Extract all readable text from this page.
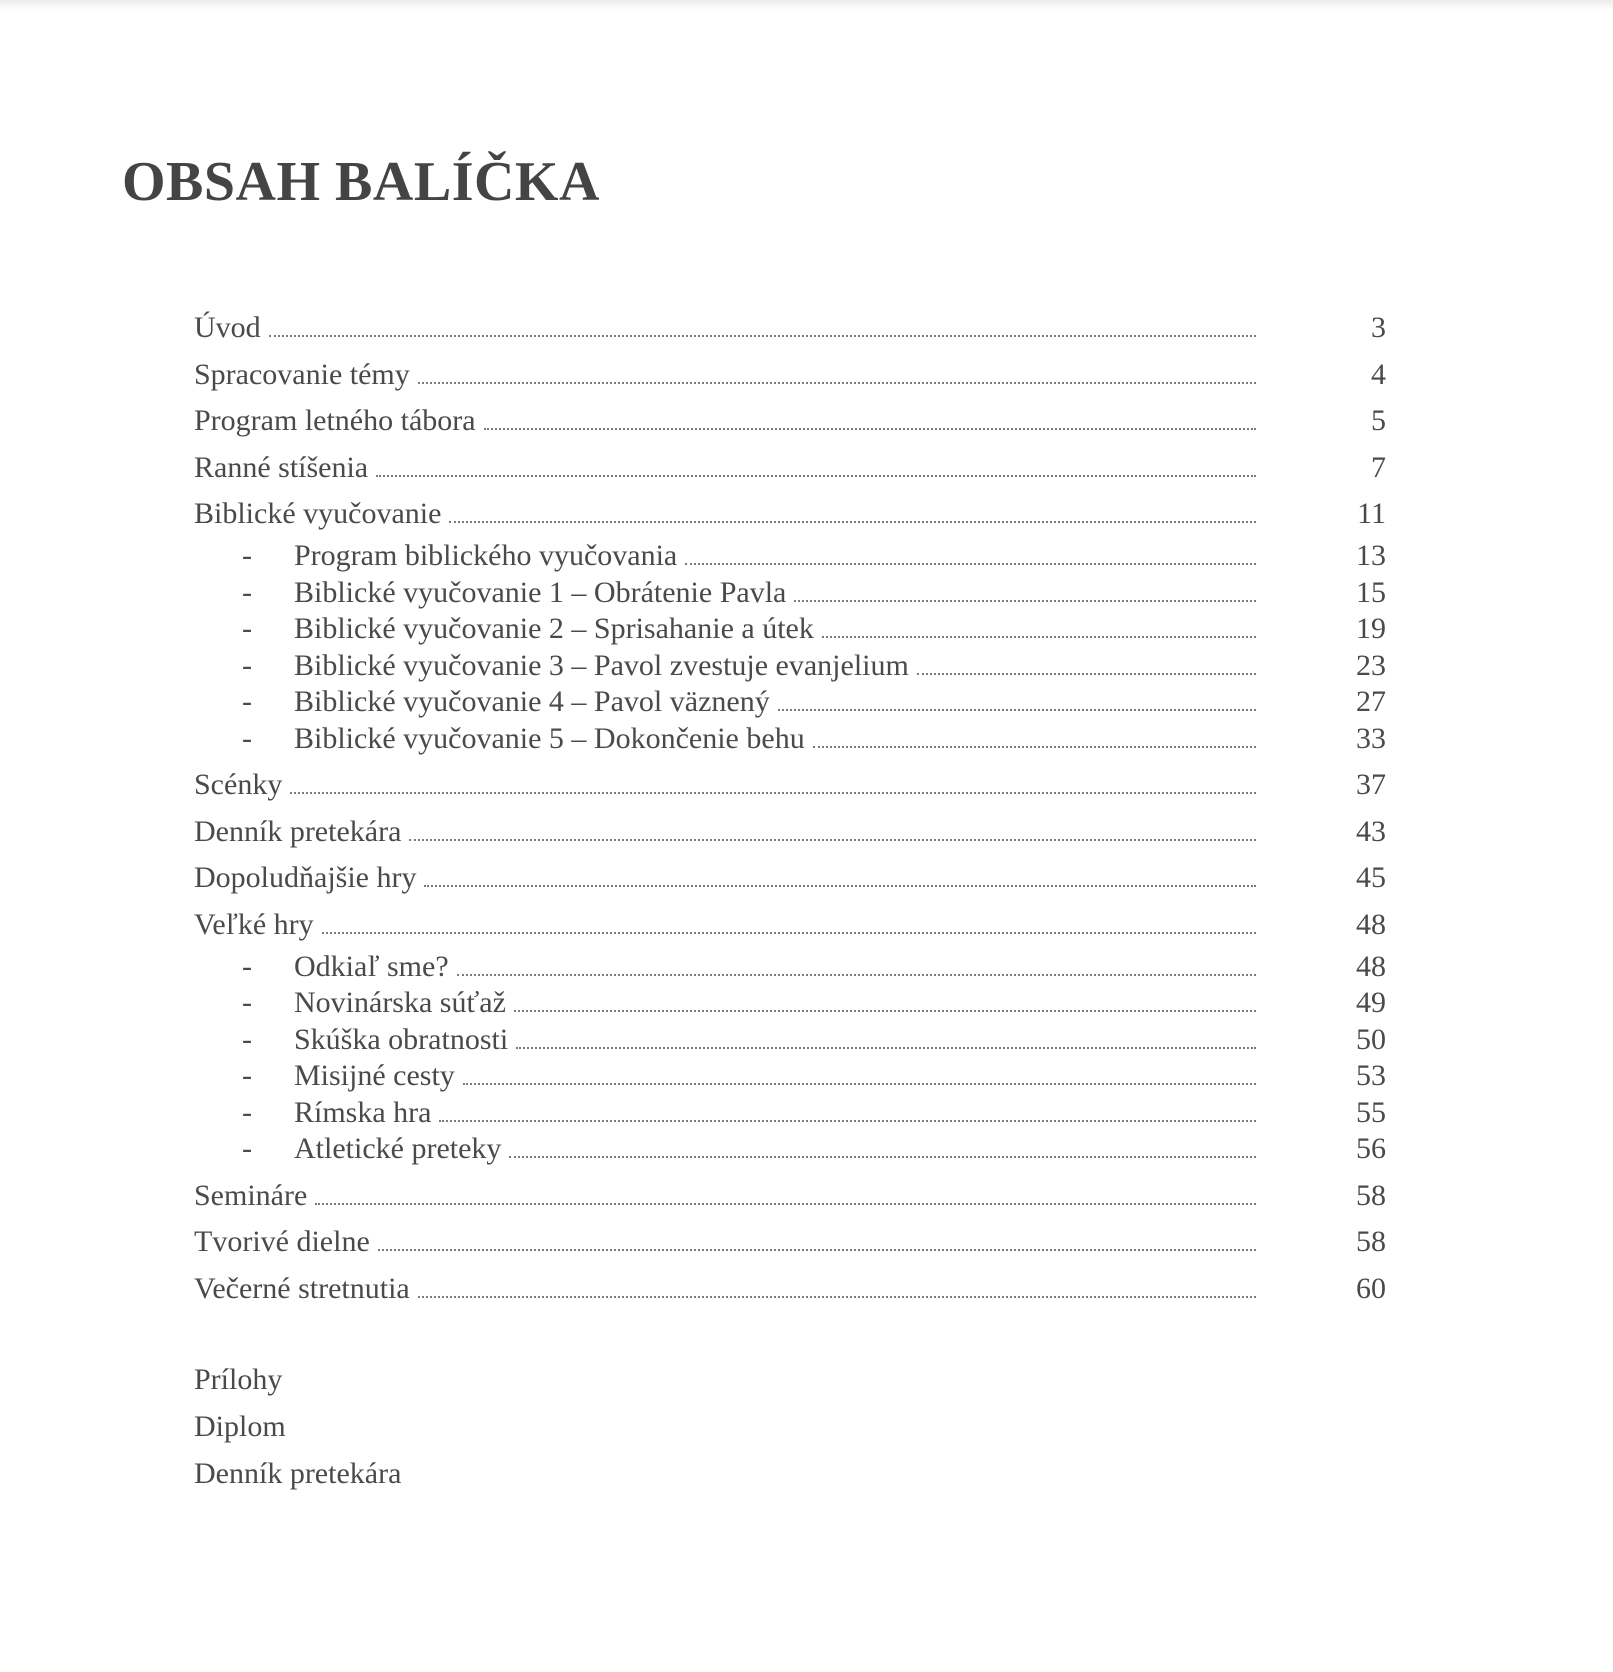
OBSAH BALÍČKA
Úvod	3
Spracovanie témy	4
Program letného tábora	5
Ranné stíšenia	7
Biblické vyučovanie	11
-	Program biblického vyučovania	13
-	Biblické vyučovanie 1 – Obrátenie Pavla	15
-	Biblické vyučovanie 2 – Sprisahanie a útek	19
-	Biblické vyučovanie 3 – Pavol zvestuje evanjelium	23
-	Biblické vyučovanie 4 – Pavol väznený	27
-	Biblické vyučovanie 5 – Dokončenie behu	33
Scénky	37
Denník pretekára	43
Dopoludňajšie hry	45
Veľké hry	48
-	Odkiaľ sme?	48
-	Novinárska súťaž	49
-	Skúška obratnosti	50
-	Misijné cesty	53
-	Rímska hra	55
-	Atletické preteky	56
Semináre	58
Tvorivé dielne	58
Večerné stretnutia	60
Prílohy
Diplom
Denník pretekára
